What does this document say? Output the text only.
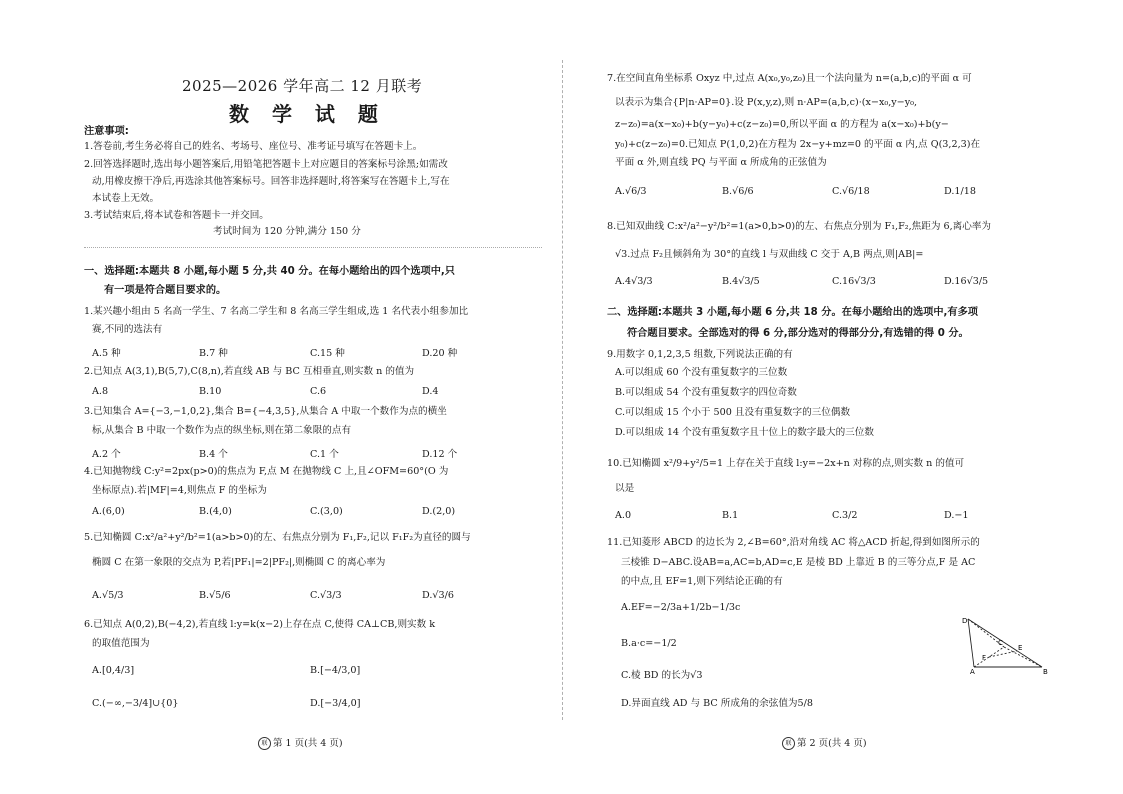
2025—2026 学年高二 12 月联考
数 学 试 题
注意事项:
1.答卷前,考生务必将自己的姓名、考场号、座位号、准考证号填写在答题卡上。
2.回答选择题时,选出每小题答案后,用铅笔把答题卡上对应题目的答案标号涂黑;如需改
动,用橡皮擦干净后,再选涂其他答案标号。回答非选择题时,将答案写在答题卡上,写在
本试卷上无效。
3.考试结束后,将本试卷和答题卡一并交回。
考试时间为 120 分钟,满分 150 分
一、选择题:本题共 8 小题,每小题 5 分,共 40 分。在每小题给出的四个选项中,只
有一项是符合题目要求的。
1.某兴趣小组由 5 名高一学生、7 名高二学生和 8 名高三学生组成,选 1 名代表小组参加比
赛,不同的选法有
A.5 种	B.7 种	C.15 种	D.20 种
2.已知点 A(3,1),B(5,7),C(8,n),若直线 AB 与 BC 互相垂直,则实数 n 的值为
A.8	B.10	C.6	D.4
3.已知集合 A={−3,−1,0,2},集合 B={−4,3,5},从集合 A 中取一个数作为点的横坐
标,从集合 B 中取一个数作为点的纵坐标,则在第二象限的点有
A.2 个	B.4 个	C.1 个	D.12 个
4.已知抛物线 C:y²=2px(p>0)的焦点为 F,点 M 在抛物线 C 上,且∠OFM=60°(O 为
坐标原点).若|MF|=4,则焦点 F 的坐标为
A.(6,0)	B.(4,0)	C.(3,0)	D.(2,0)
5.已知椭圆 C:x²/a²+y²/b²=1(a>b>0)的左、右焦点分别为 F₁,F₂,记以 F₁F₂为直径的圆与
椭圆 C 在第一象限的交点为 P,若|PF₁|=2|PF₂|,则椭圆 C 的离心率为
A.√5/3	B.√5/6	C.√3/3	D.√3/6
6.已知点 A(0,2),B(−4,2),若直线 l:y=k(x−2)上存在点 C,使得 CA⊥CB,则实数 k
的取值范围为
A.[0,4/3]	B.[−4/3,0]
C.(−∞,−3/4]∪{0}	D.[−3/4,0]
联 第 1 页(共 4 页)
7.在空间直角坐标系 Oxyz 中,过点 A(x₀,y₀,z₀)且一个法向量为 n=(a,b,c)的平面 α 可
以表示为集合{P|n·AP=0}.设 P(x,y,z),则 n·AP=(a,b,c)·(x−x₀,y−y₀,
z−z₀)=a(x−x₀)+b(y−y₀)+c(z−z₀)=0,所以平面 α 的方程为 a(x−x₀)+b(y−
y₀)+c(z−z₀)=0.已知点 P(1,0,2)在方程为 2x−y+mz=0 的平面 α 内,点 Q(3,2,3)在
平面 α 外,则直线 PQ 与平面 α 所成角的正弦值为
A.√6/3	B.√6/6	C.√6/18	D.1/18
8.已知双曲线 C:x²/a²−y²/b²=1(a>0,b>0)的左、右焦点分别为 F₁,F₂,焦距为 6,离心率为
√3.过点 F₂且倾斜角为 30°的直线 l 与双曲线 C 交于 A,B 两点,则|AB|=
A.4√3/3	B.4√3/5	C.16√3/3	D.16√3/5
二、选择题:本题共 3 小题,每小题 6 分,共 18 分。在每小题给出的选项中,有多项
符合题目要求。全部选对的得 6 分,部分选对的得部分分,有选错的得 0 分。
9.用数字 0,1,2,3,5 组数,下列说法正确的有
A.可以组成 60 个没有重复数字的三位数
B.可以组成 54 个没有重复数字的四位奇数
C.可以组成 15 个小于 500 且没有重复数字的三位偶数
D.可以组成 14 个没有重复数字且十位上的数字最大的三位数
10.已知椭圆 x²/9+y²/5=1 上存在关于直线 l:y=−2x+n 对称的点,则实数 n 的值可
以是
A.0	B.1	C.3/2	D.−1
11.已知菱形 ABCD 的边长为 2,∠B=60°,沿对角线 AC 将△ACD 折起,得到如图所示的
三棱锥 D−ABC.设AB=a,AC=b,AD=c,E 是棱 BD 上靠近 B 的三等分点,F 是 AC
的中点,且 EF=1,则下列结论正确的有
A.EF=−2/3a+1/2b−1/3c
B.a·c=−1/2
C.棱 BD 的长为√3
D.异面直线 AD 与 BC 所成角的余弦值为5/8
D
C
E
F
A	B
联 第 2 页(共 4 页)
